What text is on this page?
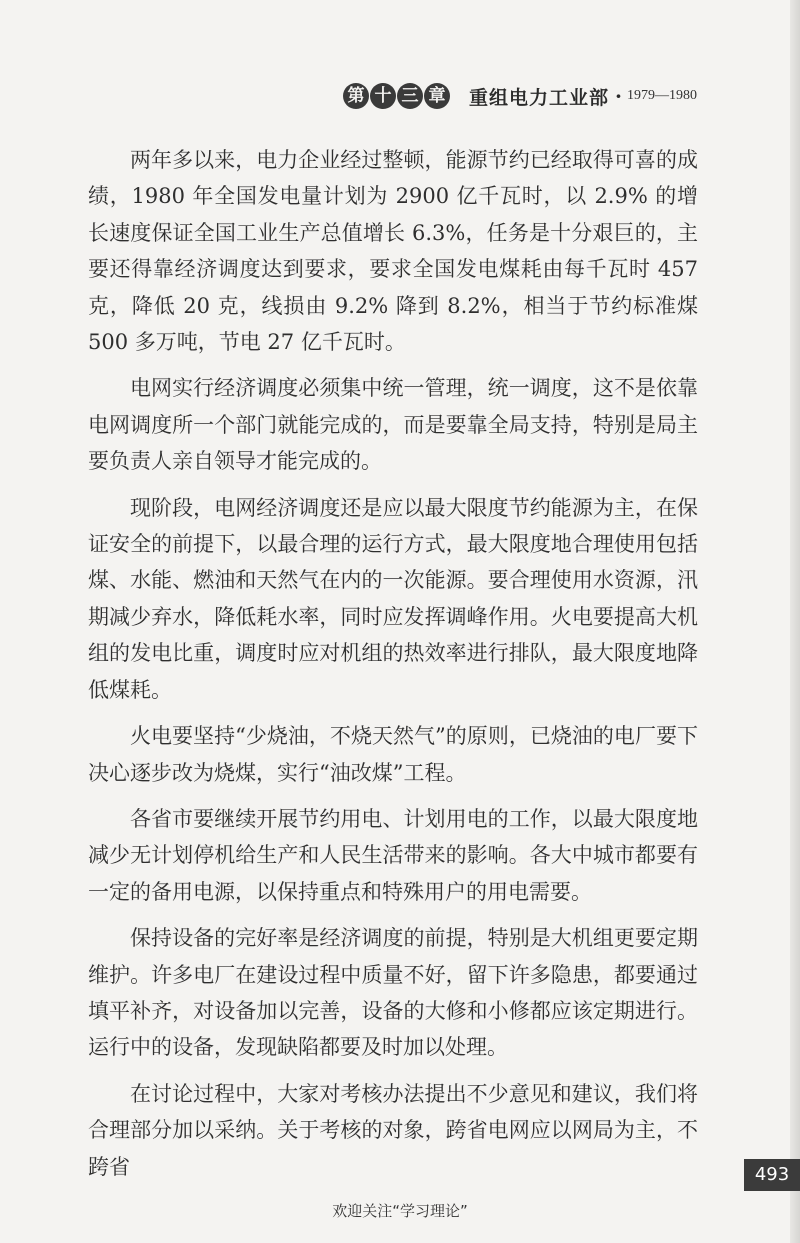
第 十 三 章 重组电力工业部 · 1979—1980

两年多以来，电力企业经过整顿，能源节约已经取得可喜的成绩，1980 年全国发电量计划为 2900 亿千瓦时，以 2.9% 的增长速度保证全国工业生产总值增长 6.3%，任务是十分艰巨的，主要还得靠经济调度达到要求，要求全国发电煤耗由每千瓦时 457 克，降低 20 克，线损由 9.2% 降到 8.2%，相当于节约标准煤 500 多万吨，节电 27 亿千瓦时。

电网实行经济调度必须集中统一管理，统一调度，这不是依靠电网调度所一个部门就能完成的，而是要靠全局支持，特别是局主要负责人亲自领导才能完成的。

现阶段，电网经济调度还是应以最大限度节约能源为主，在保证安全的前提下，以最合理的运行方式，最大限度地合理使用包括煤、水能、燃油和天然气在内的一次能源。要合理使用水资源，汛期减少弃水，降低耗水率，同时应发挥调峰作用。火电要提高大机组的发电比重，调度时应对机组的热效率进行排队，最大限度地降低煤耗。

火电要坚持“少烧油，不烧天然气”的原则，已烧油的电厂要下决心逐步改为烧煤，实行“油改煤”工程。

各省市要继续开展节约用电、计划用电的工作，以最大限度地减少无计划停机给生产和人民生活带来的影响。各大中城市都要有一定的备用电源，以保持重点和特殊用户的用电需要。

保持设备的完好率是经济调度的前提，特别是大机组更要定期维护。许多电厂在建设过程中质量不好，留下许多隐患，都要通过填平补齐，对设备加以完善，设备的大修和小修都应该定期进行。运行中的设备，发现缺陷都要及时加以处理。

在讨论过程中，大家对考核办法提出不少意见和建议，我们将合理部分加以采纳。关于考核的对象，跨省电网应以网局为主，不跨省	493
欢迎关注“学习理论”
